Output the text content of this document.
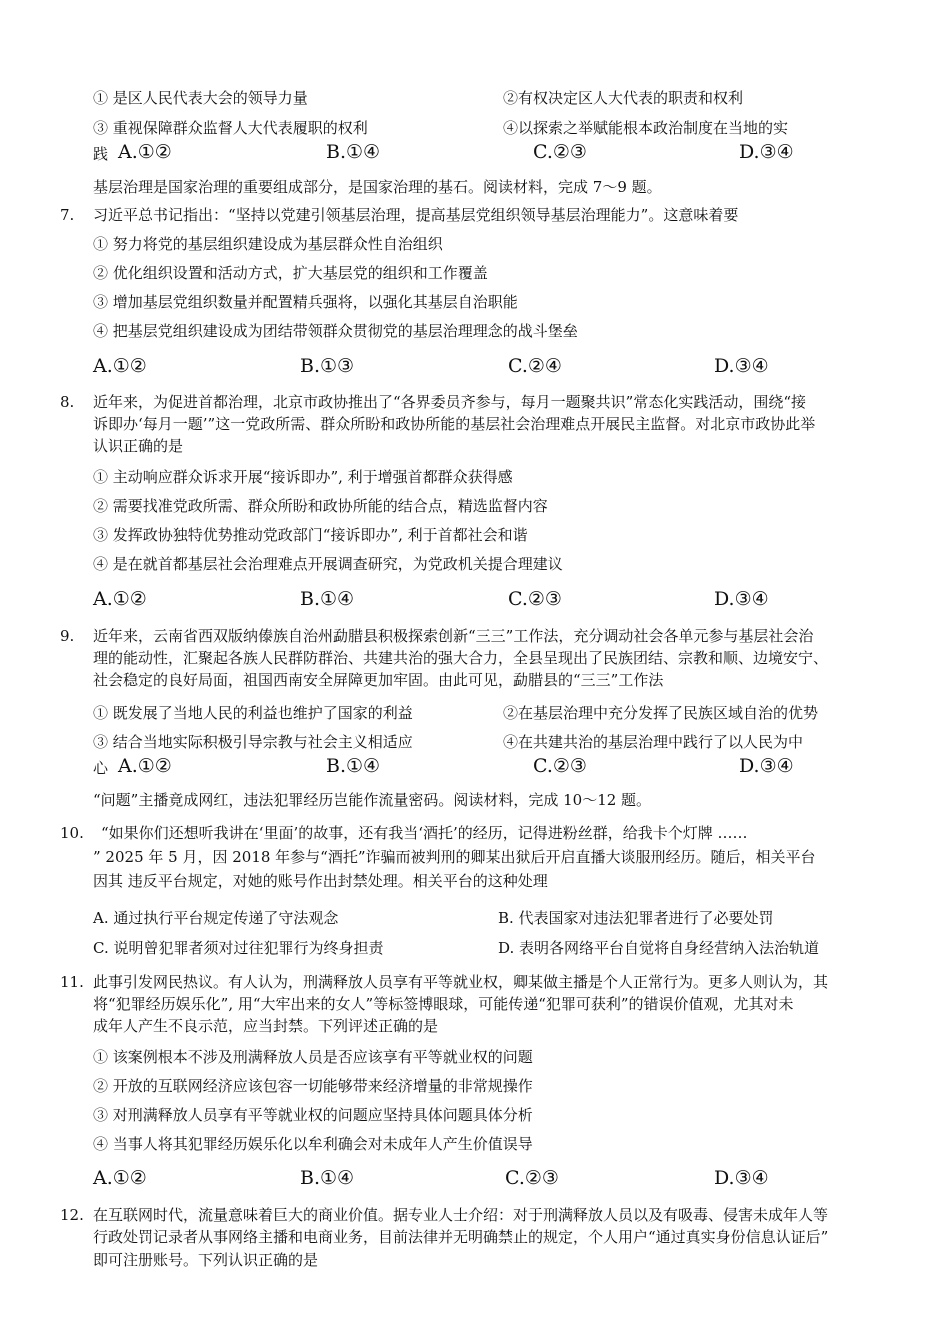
① 是区人民代表大会的领导力量	②有权决定区人大代表的职责和权利
③ 重视保障群众监督人大代表履职的权利	④以探索之举赋能根本政治制度在当地的实
践 A.①②	B.①④	C.②③	D.③④
基层治理是国家治理的重要组成部分，是国家治理的基石。阅读材料，完成 7～9 题。
7. 习近平总书记指出：“坚持以党建引领基层治理，提高基层党组织领导基层治理能力”。这意味着要
① 努力将党的基层组织建设成为基层群众性自治组织
② 优化组织设置和活动方式，扩大基层党的组织和工作覆盖
③ 增加基层党组织数量并配置精兵强将，以强化其基层自治职能
④ 把基层党组织建设成为团结带领群众贯彻党的基层治理理念的战斗堡垒
A.①②	B.①③	C.②④	D.③④
8. 近年来，为促进首都治理，北京市政协推出了“各界委员齐参与，每月一题聚共识”常态化实践活动，围绕“接
诉即办‘每月一题’”这一党政所需、群众所盼和政协所能的基层社会治理难点开展民主监督。对北京市政协此举
认识正确的是
① 主动响应群众诉求开展“接诉即办”, 利于增强首都群众获得感
② 需要找准党政所需、群众所盼和政协所能的结合点，精选监督内容
③ 发挥政协独特优势推动党政部门“接诉即办”, 利于首都社会和谐
④ 是在就首都基层社会治理难点开展调查研究，为党政机关提合理建议
A.①②	B.①④	C.②③	D.③④
9. 近年来，云南省西双版纳傣族自治州勐腊县积极探索创新“三三”工作法，充分调动社会各单元参与基层社会治
理的能动性，汇聚起各族人民群防群治、共建共治的强大合力，全县呈现出了民族团结、宗教和顺、边境安宁、
社会稳定的良好局面，祖国西南安全屏障更加牢固。由此可见，勐腊县的“三三”工作法
① 既发展了当地人民的利益也维护了国家的利益	②在基层治理中充分发挥了民族区域自治的优势
③ 结合当地实际积极引导宗教与社会主义相适应	④在共建共治的基层治理中践行了以人民为中
心 A.①②	B.①④	C.②③	D.③④
“问题”主播竟成网红，违法犯罪经历岂能作流量密码。阅读材料，完成 10～12 题。
10. “如果你们还想听我讲在‘里面’的故事，还有我当‘酒托’的经历，记得进粉丝群，给我卡个灯牌 ……
” 2025 年 5 月，因 2018 年参与“酒托”诈骗而被判刑的卿某出狱后开启直播大谈服刑经历。随后，相关平台
因其 违反平台规定，对她的账号作出封禁处理。相关平台的这种处理
A. 通过执行平台规定传递了守法观念	B. 代表国家对违法犯罪者进行了必要处罚
C. 说明曾犯罪者须对过往犯罪行为终身担责	D. 表明各网络平台自觉将自身经营纳入法治轨道
11. 此事引发网民热议。有人认为，刑满释放人员享有平等就业权，卿某做主播是个人正常行为。更多人则认为，其
将“犯罪经历娱乐化”, 用“大牢出来的女人”等标签博眼球，可能传递“犯罪可获利”的错误价值观，尤其对未
成年人产生不良示范，应当封禁。下列评述正确的是
① 该案例根本不涉及刑满释放人员是否应该享有平等就业权的问题
② 开放的互联网经济应该包容一切能够带来经济增量的非常规操作
③ 对刑满释放人员享有平等就业权的问题应坚持具体问题具体分析
④ 当事人将其犯罪经历娱乐化以牟利确会对未成年人产生价值误导
A.①②	B.①④	C.②③	D.③④
12. 在互联网时代，流量意味着巨大的商业价值。据专业人士介绍：对于刑满释放人员以及有吸毒、侵害未成年人等
行政处罚记录者从事网络主播和电商业务，目前法律并无明确禁止的规定，个人用户“通过真实身份信息认证后”
即可注册账号。下列认识正确的是
